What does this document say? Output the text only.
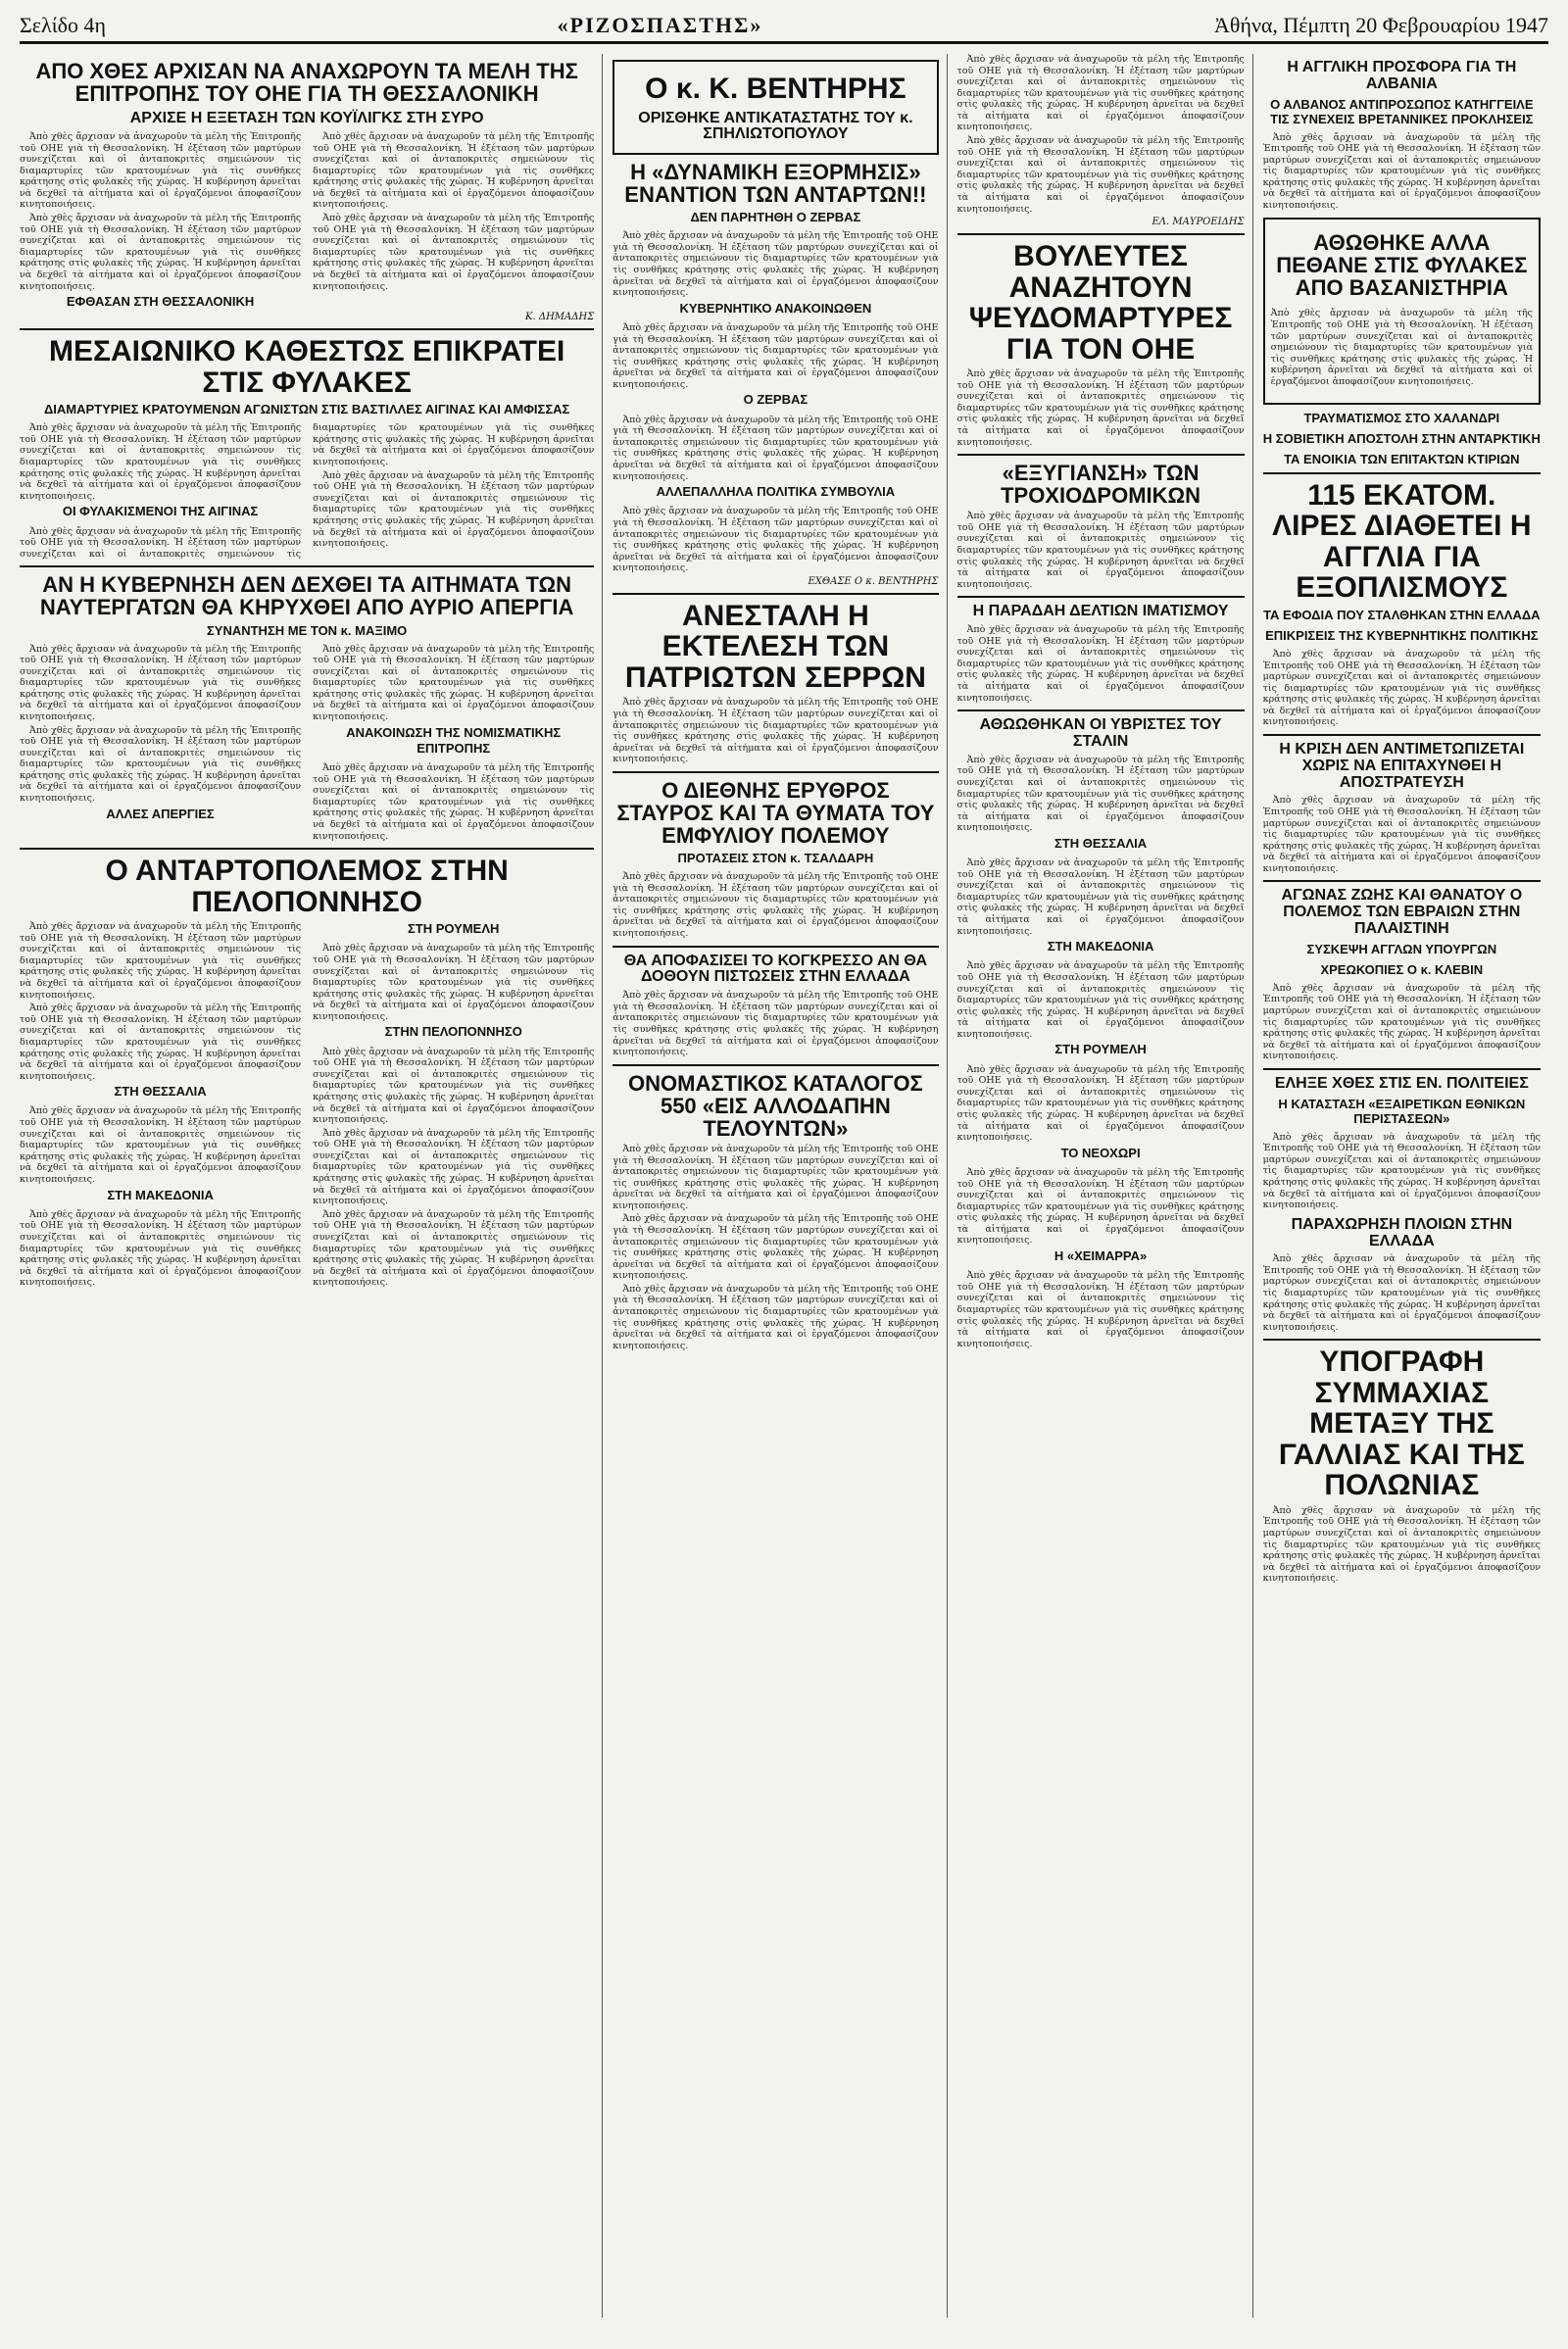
Σελίδο 4η	«ΡΙΖΟΣΠΑΣΤΗΣ»	Ἀθήνα, Πέμπτη 20 Φεβρουαρίου 1947
ΑΠΟ ΧΘΕΣ ΑΡΧΙΣΑΝ ΝΑ ΑΝΑΧΩΡΟΥΝ ΤΑ ΜΕΛΗ ΤΗΣ ΕΠΙΤΡΟΠΗΣ ΤΟΥ ΟΗΕ ΓΙΑ ΤΗ ΘΕΣΣΑΛΟΝΙΚΗ
ΑΡΧΙΣΕ Η ΕΞΕΤΑΣΗ ΤΩΝ ΚΟΥΪΛΙΓΚΣ ΣΤΗ ΣΥΡΟ

Ἀπὸ χθὲς ἄρχισαν νὰ ἀναχωροῦν τὰ μέλη τῆς Ἐπιτροπῆς τοῦ ΟΗΕ γιὰ τὴ Θεσσαλονίκη. Ἡ ἐξέταση τῶν μαρτύρων συνεχίζεται καὶ οἱ ἀνταποκριτὲς σημειώνουν τὶς διαμαρτυρίες τῶν κρατουμένων γιὰ τὶς συνθῆκες κράτησης στὶς φυλακὲς τῆς χώρας. Ἡ κυβέρνηση ἀρνεῖται νὰ δεχθεῖ τὰ αἰτήματα καὶ οἱ ἐργαζόμενοι ἀποφασίζουν κινητοποιήσεις.

Ἀπὸ χθὲς ἄρχισαν νὰ ἀναχωροῦν τὰ μέλη τῆς Ἐπιτροπῆς τοῦ ΟΗΕ γιὰ τὴ Θεσσαλονίκη. Ἡ ἐξέταση τῶν μαρτύρων συνεχίζεται καὶ οἱ ἀνταποκριτὲς σημειώνουν τὶς διαμαρτυρίες τῶν κρατουμένων γιὰ τὶς συνθῆκες κράτησης στὶς φυλακὲς τῆς χώρας. Ἡ κυβέρνηση ἀρνεῖται νὰ δεχθεῖ τὰ αἰτήματα καὶ οἱ ἐργαζόμενοι ἀποφασίζουν κινητοποιήσεις.

ΕΦΘΑΣΑΝ ΣΤΗ ΘΕΣΣΑΛΟΝΙΚΗ

Ἀπὸ χθὲς ἄρχισαν νὰ ἀναχωροῦν τὰ μέλη τῆς Ἐπιτροπῆς τοῦ ΟΗΕ γιὰ τὴ Θεσσαλονίκη. Ἡ ἐξέταση τῶν μαρτύρων συνεχίζεται καὶ οἱ ἀνταποκριτὲς σημειώνουν τὶς διαμαρτυρίες τῶν κρατουμένων γιὰ τὶς συνθῆκες κράτησης στὶς φυλακὲς τῆς χώρας. Ἡ κυβέρνηση ἀρνεῖται νὰ δεχθεῖ τὰ αἰτήματα καὶ οἱ ἐργαζόμενοι ἀποφασίζουν κινητοποιήσεις.

Ἀπὸ χθὲς ἄρχισαν νὰ ἀναχωροῦν τὰ μέλη τῆς Ἐπιτροπῆς τοῦ ΟΗΕ γιὰ τὴ Θεσσαλονίκη. Ἡ ἐξέταση τῶν μαρτύρων συνεχίζεται καὶ οἱ ἀνταποκριτὲς σημειώνουν τὶς διαμαρτυρίες τῶν κρατουμένων γιὰ τὶς συνθῆκες κράτησης στὶς φυλακὲς τῆς χώρας. Ἡ κυβέρνηση ἀρνεῖται νὰ δεχθεῖ τὰ αἰτήματα καὶ οἱ ἐργαζόμενοι ἀποφασίζουν κινητοποιήσεις.

Κ. ΔΗΜΑΔΗΣ
ΜΕΣΑΙΩΝΙΚΟ ΚΑΘΕΣΤΩΣ ΕΠΙΚΡΑΤΕΙ ΣΤΙΣ ΦΥΛΑΚΕΣ
ΔΙΑΜΑΡΤΥΡΙΕΣ ΚΡΑΤΟΥΜΕΝΩΝ ΑΓΩΝΙΣΤΩΝ ΣΤΙΣ ΒΑΣΤΙΛΛΕΣ ΑΙΓΙΝΑΣ ΚΑΙ ΑΜΦΙΣΣΑΣ

Ἀπὸ χθὲς ἄρχισαν νὰ ἀναχωροῦν τὰ μέλη τῆς Ἐπιτροπῆς τοῦ ΟΗΕ γιὰ τὴ Θεσσαλονίκη. Ἡ ἐξέταση τῶν μαρτύρων συνεχίζεται καὶ οἱ ἀνταποκριτὲς σημειώνουν τὶς διαμαρτυρίες τῶν κρατουμένων γιὰ τὶς συνθῆκες κράτησης στὶς φυλακὲς τῆς χώρας. Ἡ κυβέρνηση ἀρνεῖται νὰ δεχθεῖ τὰ αἰτήματα καὶ οἱ ἐργαζόμενοι ἀποφασίζουν κινητοποιήσεις.

ΟΙ ΦΥΛΑΚΙΣΜΕΝΟΙ ΤΗΣ ΑΙΓΙΝΑΣ

Ἀπὸ χθὲς ἄρχισαν νὰ ἀναχωροῦν τὰ μέλη τῆς Ἐπιτροπῆς τοῦ ΟΗΕ γιὰ τὴ Θεσσαλονίκη. Ἡ ἐξέταση τῶν μαρτύρων συνεχίζεται καὶ οἱ ἀνταποκριτὲς σημειώνουν τὶς διαμαρτυρίες τῶν κρατουμένων γιὰ τὶς συνθῆκες κράτησης στὶς φυλακὲς τῆς χώρας. Ἡ κυβέρνηση ἀρνεῖται νὰ δεχθεῖ τὰ αἰτήματα καὶ οἱ ἐργαζόμενοι ἀποφασίζουν κινητοποιήσεις.

Ἀπὸ χθὲς ἄρχισαν νὰ ἀναχωροῦν τὰ μέλη τῆς Ἐπιτροπῆς τοῦ ΟΗΕ γιὰ τὴ Θεσσαλονίκη. Ἡ ἐξέταση τῶν μαρτύρων συνεχίζεται καὶ οἱ ἀνταποκριτὲς σημειώνουν τὶς διαμαρτυρίες τῶν κρατουμένων γιὰ τὶς συνθῆκες κράτησης στὶς φυλακὲς τῆς χώρας. Ἡ κυβέρνηση ἀρνεῖται νὰ δεχθεῖ τὰ αἰτήματα καὶ οἱ ἐργαζόμενοι ἀποφασίζουν κινητοποιήσεις.

ΑΝ Η ΚΥΒΕΡΝΗΣΗ ΔΕΝ ΔΕΧΘΕΙ ΤΑ ΑΙΤΗΜΑΤΑ ΤΩΝ ΝΑΥΤΕΡΓΑΤΩΝ ΘΑ ΚΗΡΥΧΘΕΙ ΑΠΟ ΑΥΡΙΟ ΑΠΕΡΓΙΑ
ΣΥΝΑΝΤΗΣΗ ΜΕ ΤΟΝ κ. ΜΑΞΙΜΟ

Ἀπὸ χθὲς ἄρχισαν νὰ ἀναχωροῦν τὰ μέλη τῆς Ἐπιτροπῆς τοῦ ΟΗΕ γιὰ τὴ Θεσσαλονίκη. Ἡ ἐξέταση τῶν μαρτύρων συνεχίζεται καὶ οἱ ἀνταποκριτὲς σημειώνουν τὶς διαμαρτυρίες τῶν κρατουμένων γιὰ τὶς συνθῆκες κράτησης στὶς φυλακὲς τῆς χώρας. Ἡ κυβέρνηση ἀρνεῖται νὰ δεχθεῖ τὰ αἰτήματα καὶ οἱ ἐργαζόμενοι ἀποφασίζουν κινητοποιήσεις.

Ἀπὸ χθὲς ἄρχισαν νὰ ἀναχωροῦν τὰ μέλη τῆς Ἐπιτροπῆς τοῦ ΟΗΕ γιὰ τὴ Θεσσαλονίκη. Ἡ ἐξέταση τῶν μαρτύρων συνεχίζεται καὶ οἱ ἀνταποκριτὲς σημειώνουν τὶς διαμαρτυρίες τῶν κρατουμένων γιὰ τὶς συνθῆκες κράτησης στὶς φυλακὲς τῆς χώρας. Ἡ κυβέρνηση ἀρνεῖται νὰ δεχθεῖ τὰ αἰτήματα καὶ οἱ ἐργαζόμενοι ἀποφασίζουν κινητοποιήσεις.

ΑΛΛΕΣ ΑΠΕΡΓΙΕΣ

Ἀπὸ χθὲς ἄρχισαν νὰ ἀναχωροῦν τὰ μέλη τῆς Ἐπιτροπῆς τοῦ ΟΗΕ γιὰ τὴ Θεσσαλονίκη. Ἡ ἐξέταση τῶν μαρτύρων συνεχίζεται καὶ οἱ ἀνταποκριτὲς σημειώνουν τὶς διαμαρτυρίες τῶν κρατουμένων γιὰ τὶς συνθῆκες κράτησης στὶς φυλακὲς τῆς χώρας. Ἡ κυβέρνηση ἀρνεῖται νὰ δεχθεῖ τὰ αἰτήματα καὶ οἱ ἐργαζόμενοι ἀποφασίζουν κινητοποιήσεις.

ΑΝΑΚΟΙΝΩΣΗ ΤΗΣ ΝΟΜΙΣΜΑΤΙΚΗΣ ΕΠΙΤΡΟΠΗΣ

Ἀπὸ χθὲς ἄρχισαν νὰ ἀναχωροῦν τὰ μέλη τῆς Ἐπιτροπῆς τοῦ ΟΗΕ γιὰ τὴ Θεσσαλονίκη. Ἡ ἐξέταση τῶν μαρτύρων συνεχίζεται καὶ οἱ ἀνταποκριτὲς σημειώνουν τὶς διαμαρτυρίες τῶν κρατουμένων γιὰ τὶς συνθῆκες κράτησης στὶς φυλακὲς τῆς χώρας. Ἡ κυβέρνηση ἀρνεῖται νὰ δεχθεῖ τὰ αἰτήματα καὶ οἱ ἐργαζόμενοι ἀποφασίζουν κινητοποιήσεις.

Ο ΑΝΤΑΡΤΟΠΟΛΕΜΟΣ ΣΤΗΝ ΠΕΛΟΠΟΝΝΗΣΟ

Ἀπὸ χθὲς ἄρχισαν νὰ ἀναχωροῦν τὰ μέλη τῆς Ἐπιτροπῆς τοῦ ΟΗΕ γιὰ τὴ Θεσσαλονίκη. Ἡ ἐξέταση τῶν μαρτύρων συνεχίζεται καὶ οἱ ἀνταποκριτὲς σημειώνουν τὶς διαμαρτυρίες τῶν κρατουμένων γιὰ τὶς συνθῆκες κράτησης στὶς φυλακὲς τῆς χώρας. Ἡ κυβέρνηση ἀρνεῖται νὰ δεχθεῖ τὰ αἰτήματα καὶ οἱ ἐργαζόμενοι ἀποφασίζουν κινητοποιήσεις.

Ἀπὸ χθὲς ἄρχισαν νὰ ἀναχωροῦν τὰ μέλη τῆς Ἐπιτροπῆς τοῦ ΟΗΕ γιὰ τὴ Θεσσαλονίκη. Ἡ ἐξέταση τῶν μαρτύρων συνεχίζεται καὶ οἱ ἀνταποκριτὲς σημειώνουν τὶς διαμαρτυρίες τῶν κρατουμένων γιὰ τὶς συνθῆκες κράτησης στὶς φυλακὲς τῆς χώρας. Ἡ κυβέρνηση ἀρνεῖται νὰ δεχθεῖ τὰ αἰτήματα καὶ οἱ ἐργαζόμενοι ἀποφασίζουν κινητοποιήσεις.

ΣΤΗ ΘΕΣΣΑΛΙΑ

Ἀπὸ χθὲς ἄρχισαν νὰ ἀναχωροῦν τὰ μέλη τῆς Ἐπιτροπῆς τοῦ ΟΗΕ γιὰ τὴ Θεσσαλονίκη. Ἡ ἐξέταση τῶν μαρτύρων συνεχίζεται καὶ οἱ ἀνταποκριτὲς σημειώνουν τὶς διαμαρτυρίες τῶν κρατουμένων γιὰ τὶς συνθῆκες κράτησης στὶς φυλακὲς τῆς χώρας. Ἡ κυβέρνηση ἀρνεῖται νὰ δεχθεῖ τὰ αἰτήματα καὶ οἱ ἐργαζόμενοι ἀποφασίζουν κινητοποιήσεις.

ΣΤΗ ΜΑΚΕΔΟΝΙΑ

Ἀπὸ χθὲς ἄρχισαν νὰ ἀναχωροῦν τὰ μέλη τῆς Ἐπιτροπῆς τοῦ ΟΗΕ γιὰ τὴ Θεσσαλονίκη. Ἡ ἐξέταση τῶν μαρτύρων συνεχίζεται καὶ οἱ ἀνταποκριτὲς σημειώνουν τὶς διαμαρτυρίες τῶν κρατουμένων γιὰ τὶς συνθῆκες κράτησης στὶς φυλακὲς τῆς χώρας. Ἡ κυβέρνηση ἀρνεῖται νὰ δεχθεῖ τὰ αἰτήματα καὶ οἱ ἐργαζόμενοι ἀποφασίζουν κινητοποιήσεις.

ΣΤΗ ΡΟΥΜΕΛΗ

Ἀπὸ χθὲς ἄρχισαν νὰ ἀναχωροῦν τὰ μέλη τῆς Ἐπιτροπῆς τοῦ ΟΗΕ γιὰ τὴ Θεσσαλονίκη. Ἡ ἐξέταση τῶν μαρτύρων συνεχίζεται καὶ οἱ ἀνταποκριτὲς σημειώνουν τὶς διαμαρτυρίες τῶν κρατουμένων γιὰ τὶς συνθῆκες κράτησης στὶς φυλακὲς τῆς χώρας. Ἡ κυβέρνηση ἀρνεῖται νὰ δεχθεῖ τὰ αἰτήματα καὶ οἱ ἐργαζόμενοι ἀποφασίζουν κινητοποιήσεις.

ΣΤΗΝ ΠΕΛΟΠΟΝΝΗΣΟ

Ἀπὸ χθὲς ἄρχισαν νὰ ἀναχωροῦν τὰ μέλη τῆς Ἐπιτροπῆς τοῦ ΟΗΕ γιὰ τὴ Θεσσαλονίκη. Ἡ ἐξέταση τῶν μαρτύρων συνεχίζεται καὶ οἱ ἀνταποκριτὲς σημειώνουν τὶς διαμαρτυρίες τῶν κρατουμένων γιὰ τὶς συνθῆκες κράτησης στὶς φυλακὲς τῆς χώρας. Ἡ κυβέρνηση ἀρνεῖται νὰ δεχθεῖ τὰ αἰτήματα καὶ οἱ ἐργαζόμενοι ἀποφασίζουν κινητοποιήσεις.

Ἀπὸ χθὲς ἄρχισαν νὰ ἀναχωροῦν τὰ μέλη τῆς Ἐπιτροπῆς τοῦ ΟΗΕ γιὰ τὴ Θεσσαλονίκη. Ἡ ἐξέταση τῶν μαρτύρων συνεχίζεται καὶ οἱ ἀνταποκριτὲς σημειώνουν τὶς διαμαρτυρίες τῶν κρατουμένων γιὰ τὶς συνθῆκες κράτησης στὶς φυλακὲς τῆς χώρας. Ἡ κυβέρνηση ἀρνεῖται νὰ δεχθεῖ τὰ αἰτήματα καὶ οἱ ἐργαζόμενοι ἀποφασίζουν κινητοποιήσεις.

Ἀπὸ χθὲς ἄρχισαν νὰ ἀναχωροῦν τὰ μέλη τῆς Ἐπιτροπῆς τοῦ ΟΗΕ γιὰ τὴ Θεσσαλονίκη. Ἡ ἐξέταση τῶν μαρτύρων συνεχίζεται καὶ οἱ ἀνταποκριτὲς σημειώνουν τὶς διαμαρτυρίες τῶν κρατουμένων γιὰ τὶς συνθῆκες κράτησης στὶς φυλακὲς τῆς χώρας. Ἡ κυβέρνηση ἀρνεῖται νὰ δεχθεῖ τὰ αἰτήματα καὶ οἱ ἐργαζόμενοι ἀποφασίζουν κινητοποιήσεις.

Ο κ. Κ. ΒΕΝΤΗΡΗΣ
ΟΡΙΣΘΗΚΕ ΑΝΤΙΚΑΤΑΣΤΑΤΗΣ ΤΟΥ κ. ΣΠΗΛΙΩΤΟΠΟΥΛΟΥ
Η «ΔΥΝΑΜΙΚΗ ΕΞΟΡΜΗΣΙΣ» ΕΝΑΝΤΙΟΝ ΤΩΝ ΑΝΤΑΡΤΩΝ!!
ΔΕΝ ΠΑΡΗΤΗΘΗ Ο ΖΕΡΒΑΣ

Ἀπὸ χθὲς ἄρχισαν νὰ ἀναχωροῦν τὰ μέλη τῆς Ἐπιτροπῆς τοῦ ΟΗΕ γιὰ τὴ Θεσσαλονίκη. Ἡ ἐξέταση τῶν μαρτύρων συνεχίζεται καὶ οἱ ἀνταποκριτὲς σημειώνουν τὶς διαμαρτυρίες τῶν κρατουμένων γιὰ τὶς συνθῆκες κράτησης στὶς φυλακὲς τῆς χώρας. Ἡ κυβέρνηση ἀρνεῖται νὰ δεχθεῖ τὰ αἰτήματα καὶ οἱ ἐργαζόμενοι ἀποφασίζουν κινητοποιήσεις.

ΚΥΒΕΡΝΗΤΙΚΟ ΑΝΑΚΟΙΝΩΘΕΝ

Ἀπὸ χθὲς ἄρχισαν νὰ ἀναχωροῦν τὰ μέλη τῆς Ἐπιτροπῆς τοῦ ΟΗΕ γιὰ τὴ Θεσσαλονίκη. Ἡ ἐξέταση τῶν μαρτύρων συνεχίζεται καὶ οἱ ἀνταποκριτὲς σημειώνουν τὶς διαμαρτυρίες τῶν κρατουμένων γιὰ τὶς συνθῆκες κράτησης στὶς φυλακὲς τῆς χώρας. Ἡ κυβέρνηση ἀρνεῖται νὰ δεχθεῖ τὰ αἰτήματα καὶ οἱ ἐργαζόμενοι ἀποφασίζουν κινητοποιήσεις.

Ο ΖΕΡΒΑΣ

Ἀπὸ χθὲς ἄρχισαν νὰ ἀναχωροῦν τὰ μέλη τῆς Ἐπιτροπῆς τοῦ ΟΗΕ γιὰ τὴ Θεσσαλονίκη. Ἡ ἐξέταση τῶν μαρτύρων συνεχίζεται καὶ οἱ ἀνταποκριτὲς σημειώνουν τὶς διαμαρτυρίες τῶν κρατουμένων γιὰ τὶς συνθῆκες κράτησης στὶς φυλακὲς τῆς χώρας. Ἡ κυβέρνηση ἀρνεῖται νὰ δεχθεῖ τὰ αἰτήματα καὶ οἱ ἐργαζόμενοι ἀποφασίζουν κινητοποιήσεις.

ΑΛΛΕΠΑΛΛΗΛΑ ΠΟΛΙΤΙΚΑ ΣΥΜΒΟΥΛΙΑ

Ἀπὸ χθὲς ἄρχισαν νὰ ἀναχωροῦν τὰ μέλη τῆς Ἐπιτροπῆς τοῦ ΟΗΕ γιὰ τὴ Θεσσαλονίκη. Ἡ ἐξέταση τῶν μαρτύρων συνεχίζεται καὶ οἱ ἀνταποκριτὲς σημειώνουν τὶς διαμαρτυρίες τῶν κρατουμένων γιὰ τὶς συνθῆκες κράτησης στὶς φυλακὲς τῆς χώρας. Ἡ κυβέρνηση ἀρνεῖται νὰ δεχθεῖ τὰ αἰτήματα καὶ οἱ ἐργαζόμενοι ἀποφασίζουν κινητοποιήσεις.

ΕΧΘΑΣΕ Ο κ. ΒΕΝΤΗΡΗΣ
ΑΝΕΣΤΑΛΗ Η ΕΚΤΕΛΕΣΗ ΤΩΝ ΠΑΤΡΙΩΤΩΝ ΣΕΡΡΩΝ

Ἀπὸ χθὲς ἄρχισαν νὰ ἀναχωροῦν τὰ μέλη τῆς Ἐπιτροπῆς τοῦ ΟΗΕ γιὰ τὴ Θεσσαλονίκη. Ἡ ἐξέταση τῶν μαρτύρων συνεχίζεται καὶ οἱ ἀνταποκριτὲς σημειώνουν τὶς διαμαρτυρίες τῶν κρατουμένων γιὰ τὶς συνθῆκες κράτησης στὶς φυλακὲς τῆς χώρας. Ἡ κυβέρνηση ἀρνεῖται νὰ δεχθεῖ τὰ αἰτήματα καὶ οἱ ἐργαζόμενοι ἀποφασίζουν κινητοποιήσεις.

Ο ΔΙΕΘΝΗΣ ΕΡΥΘΡΟΣ ΣΤΑΥΡΟΣ ΚΑΙ ΤΑ ΘΥΜΑΤΑ ΤΟΥ ΕΜΦΥΛΙΟΥ ΠΟΛΕΜΟΥ
ΠΡΟΤΑΣΕΙΣ ΣΤΟΝ κ. ΤΣΑΛΔΑΡΗ

Ἀπὸ χθὲς ἄρχισαν νὰ ἀναχωροῦν τὰ μέλη τῆς Ἐπιτροπῆς τοῦ ΟΗΕ γιὰ τὴ Θεσσαλονίκη. Ἡ ἐξέταση τῶν μαρτύρων συνεχίζεται καὶ οἱ ἀνταποκριτὲς σημειώνουν τὶς διαμαρτυρίες τῶν κρατουμένων γιὰ τὶς συνθῆκες κράτησης στὶς φυλακὲς τῆς χώρας. Ἡ κυβέρνηση ἀρνεῖται νὰ δεχθεῖ τὰ αἰτήματα καὶ οἱ ἐργαζόμενοι ἀποφασίζουν κινητοποιήσεις.

ΘΑ ΑΠΟΦΑΣΙΣΕΙ ΤΟ ΚΟΓΚΡΕΣΣΟ ΑΝ ΘΑ ΔΟΘΟΥΝ ΠΙΣΤΩΣΕΙΣ ΣΤΗΝ ΕΛΛΑΔΑ

Ἀπὸ χθὲς ἄρχισαν νὰ ἀναχωροῦν τὰ μέλη τῆς Ἐπιτροπῆς τοῦ ΟΗΕ γιὰ τὴ Θεσσαλονίκη. Ἡ ἐξέταση τῶν μαρτύρων συνεχίζεται καὶ οἱ ἀνταποκριτὲς σημειώνουν τὶς διαμαρτυρίες τῶν κρατουμένων γιὰ τὶς συνθῆκες κράτησης στὶς φυλακὲς τῆς χώρας. Ἡ κυβέρνηση ἀρνεῖται νὰ δεχθεῖ τὰ αἰτήματα καὶ οἱ ἐργαζόμενοι ἀποφασίζουν κινητοποιήσεις.

ΟΝΟΜΑΣΤΙΚΟΣ ΚΑΤΑΛΟΓΟΣ 550 «ΕΙΣ ΑΛΛΟΔΑΠΗΝ ΤΕΛΟΥΝΤΩΝ»

Ἀπὸ χθὲς ἄρχισαν νὰ ἀναχωροῦν τὰ μέλη τῆς Ἐπιτροπῆς τοῦ ΟΗΕ γιὰ τὴ Θεσσαλονίκη. Ἡ ἐξέταση τῶν μαρτύρων συνεχίζεται καὶ οἱ ἀνταποκριτὲς σημειώνουν τὶς διαμαρτυρίες τῶν κρατουμένων γιὰ τὶς συνθῆκες κράτησης στὶς φυλακὲς τῆς χώρας. Ἡ κυβέρνηση ἀρνεῖται νὰ δεχθεῖ τὰ αἰτήματα καὶ οἱ ἐργαζόμενοι ἀποφασίζουν κινητοποιήσεις.

Ἀπὸ χθὲς ἄρχισαν νὰ ἀναχωροῦν τὰ μέλη τῆς Ἐπιτροπῆς τοῦ ΟΗΕ γιὰ τὴ Θεσσαλονίκη. Ἡ ἐξέταση τῶν μαρτύρων συνεχίζεται καὶ οἱ ἀνταποκριτὲς σημειώνουν τὶς διαμαρτυρίες τῶν κρατουμένων γιὰ τὶς συνθῆκες κράτησης στὶς φυλακὲς τῆς χώρας. Ἡ κυβέρνηση ἀρνεῖται νὰ δεχθεῖ τὰ αἰτήματα καὶ οἱ ἐργαζόμενοι ἀποφασίζουν κινητοποιήσεις.

Ἀπὸ χθὲς ἄρχισαν νὰ ἀναχωροῦν τὰ μέλη τῆς Ἐπιτροπῆς τοῦ ΟΗΕ γιὰ τὴ Θεσσαλονίκη. Ἡ ἐξέταση τῶν μαρτύρων συνεχίζεται καὶ οἱ ἀνταποκριτὲς σημειώνουν τὶς διαμαρτυρίες τῶν κρατουμένων γιὰ τὶς συνθῆκες κράτησης στὶς φυλακὲς τῆς χώρας. Ἡ κυβέρνηση ἀρνεῖται νὰ δεχθεῖ τὰ αἰτήματα καὶ οἱ ἐργαζόμενοι ἀποφασίζουν κινητοποιήσεις.

Ἀπὸ χθὲς ἄρχισαν νὰ ἀναχωροῦν τὰ μέλη τῆς Ἐπιτροπῆς τοῦ ΟΗΕ γιὰ τὴ Θεσσαλονίκη. Ἡ ἐξέταση τῶν μαρτύρων συνεχίζεται καὶ οἱ ἀνταποκριτὲς σημειώνουν τὶς διαμαρτυρίες τῶν κρατουμένων γιὰ τὶς συνθῆκες κράτησης στὶς φυλακὲς τῆς χώρας. Ἡ κυβέρνηση ἀρνεῖται νὰ δεχθεῖ τὰ αἰτήματα καὶ οἱ ἐργαζόμενοι ἀποφασίζουν κινητοποιήσεις.

Ἀπὸ χθὲς ἄρχισαν νὰ ἀναχωροῦν τὰ μέλη τῆς Ἐπιτροπῆς τοῦ ΟΗΕ γιὰ τὴ Θεσσαλονίκη. Ἡ ἐξέταση τῶν μαρτύρων συνεχίζεται καὶ οἱ ἀνταποκριτὲς σημειώνουν τὶς διαμαρτυρίες τῶν κρατουμένων γιὰ τὶς συνθῆκες κράτησης στὶς φυλακὲς τῆς χώρας. Ἡ κυβέρνηση ἀρνεῖται νὰ δεχθεῖ τὰ αἰτήματα καὶ οἱ ἐργαζόμενοι ἀποφασίζουν κινητοποιήσεις.

ΕΛ. ΜΑΥΡΟΕΙΔΗΣ
ΒΟΥΛΕΥΤΕΣ ΑΝΑΖΗΤΟΥΝ ΨΕΥΔΟΜΑΡΤΥΡΕΣ ΓΙΑ ΤΟΝ ΟΗΕ

Ἀπὸ χθὲς ἄρχισαν νὰ ἀναχωροῦν τὰ μέλη τῆς Ἐπιτροπῆς τοῦ ΟΗΕ γιὰ τὴ Θεσσαλονίκη. Ἡ ἐξέταση τῶν μαρτύρων συνεχίζεται καὶ οἱ ἀνταποκριτὲς σημειώνουν τὶς διαμαρτυρίες τῶν κρατουμένων γιὰ τὶς συνθῆκες κράτησης στὶς φυλακὲς τῆς χώρας. Ἡ κυβέρνηση ἀρνεῖται νὰ δεχθεῖ τὰ αἰτήματα καὶ οἱ ἐργαζόμενοι ἀποφασίζουν κινητοποιήσεις.

«ΕΞΥΓΙΑΝΣΗ» ΤΩΝ ΤΡΟΧΙΟΔΡΟΜΙΚΩΝ

Ἀπὸ χθὲς ἄρχισαν νὰ ἀναχωροῦν τὰ μέλη τῆς Ἐπιτροπῆς τοῦ ΟΗΕ γιὰ τὴ Θεσσαλονίκη. Ἡ ἐξέταση τῶν μαρτύρων συνεχίζεται καὶ οἱ ἀνταποκριτὲς σημειώνουν τὶς διαμαρτυρίες τῶν κρατουμένων γιὰ τὶς συνθῆκες κράτησης στὶς φυλακὲς τῆς χώρας. Ἡ κυβέρνηση ἀρνεῖται νὰ δεχθεῖ τὰ αἰτήματα καὶ οἱ ἐργαζόμενοι ἀποφασίζουν κινητοποιήσεις.

Η ΠΑΡΑΔΑΗ ΔΕΛΤΙΩΝ ΙΜΑΤΙΣΜΟΥ

Ἀπὸ χθὲς ἄρχισαν νὰ ἀναχωροῦν τὰ μέλη τῆς Ἐπιτροπῆς τοῦ ΟΗΕ γιὰ τὴ Θεσσαλονίκη. Ἡ ἐξέταση τῶν μαρτύρων συνεχίζεται καὶ οἱ ἀνταποκριτὲς σημειώνουν τὶς διαμαρτυρίες τῶν κρατουμένων γιὰ τὶς συνθῆκες κράτησης στὶς φυλακὲς τῆς χώρας. Ἡ κυβέρνηση ἀρνεῖται νὰ δεχθεῖ τὰ αἰτήματα καὶ οἱ ἐργαζόμενοι ἀποφασίζουν κινητοποιήσεις.

ΑΘΩΩΘΗΚΑΝ ΟΙ ΥΒΡΙΣΤΕΣ ΤΟΥ ΣΤΑΛΙΝ

Ἀπὸ χθὲς ἄρχισαν νὰ ἀναχωροῦν τὰ μέλη τῆς Ἐπιτροπῆς τοῦ ΟΗΕ γιὰ τὴ Θεσσαλονίκη. Ἡ ἐξέταση τῶν μαρτύρων συνεχίζεται καὶ οἱ ἀνταποκριτὲς σημειώνουν τὶς διαμαρτυρίες τῶν κρατουμένων γιὰ τὶς συνθῆκες κράτησης στὶς φυλακὲς τῆς χώρας. Ἡ κυβέρνηση ἀρνεῖται νὰ δεχθεῖ τὰ αἰτήματα καὶ οἱ ἐργαζόμενοι ἀποφασίζουν κινητοποιήσεις.

ΣΤΗ ΘΕΣΣΑΛΙΑ

Ἀπὸ χθὲς ἄρχισαν νὰ ἀναχωροῦν τὰ μέλη τῆς Ἐπιτροπῆς τοῦ ΟΗΕ γιὰ τὴ Θεσσαλονίκη. Ἡ ἐξέταση τῶν μαρτύρων συνεχίζεται καὶ οἱ ἀνταποκριτὲς σημειώνουν τὶς διαμαρτυρίες τῶν κρατουμένων γιὰ τὶς συνθῆκες κράτησης στὶς φυλακὲς τῆς χώρας. Ἡ κυβέρνηση ἀρνεῖται νὰ δεχθεῖ τὰ αἰτήματα καὶ οἱ ἐργαζόμενοι ἀποφασίζουν κινητοποιήσεις.

ΣΤΗ ΜΑΚΕΔΟΝΙΑ

Ἀπὸ χθὲς ἄρχισαν νὰ ἀναχωροῦν τὰ μέλη τῆς Ἐπιτροπῆς τοῦ ΟΗΕ γιὰ τὴ Θεσσαλονίκη. Ἡ ἐξέταση τῶν μαρτύρων συνεχίζεται καὶ οἱ ἀνταποκριτὲς σημειώνουν τὶς διαμαρτυρίες τῶν κρατουμένων γιὰ τὶς συνθῆκες κράτησης στὶς φυλακὲς τῆς χώρας. Ἡ κυβέρνηση ἀρνεῖται νὰ δεχθεῖ τὰ αἰτήματα καὶ οἱ ἐργαζόμενοι ἀποφασίζουν κινητοποιήσεις.

ΣΤΗ ΡΟΥΜΕΛΗ

Ἀπὸ χθὲς ἄρχισαν νὰ ἀναχωροῦν τὰ μέλη τῆς Ἐπιτροπῆς τοῦ ΟΗΕ γιὰ τὴ Θεσσαλονίκη. Ἡ ἐξέταση τῶν μαρτύρων συνεχίζεται καὶ οἱ ἀνταποκριτὲς σημειώνουν τὶς διαμαρτυρίες τῶν κρατουμένων γιὰ τὶς συνθῆκες κράτησης στὶς φυλακὲς τῆς χώρας. Ἡ κυβέρνηση ἀρνεῖται νὰ δεχθεῖ τὰ αἰτήματα καὶ οἱ ἐργαζόμενοι ἀποφασίζουν κινητοποιήσεις.

ΤΟ ΝΕΟΧΩΡΙ

Ἀπὸ χθὲς ἄρχισαν νὰ ἀναχωροῦν τὰ μέλη τῆς Ἐπιτροπῆς τοῦ ΟΗΕ γιὰ τὴ Θεσσαλονίκη. Ἡ ἐξέταση τῶν μαρτύρων συνεχίζεται καὶ οἱ ἀνταποκριτὲς σημειώνουν τὶς διαμαρτυρίες τῶν κρατουμένων γιὰ τὶς συνθῆκες κράτησης στὶς φυλακὲς τῆς χώρας. Ἡ κυβέρνηση ἀρνεῖται νὰ δεχθεῖ τὰ αἰτήματα καὶ οἱ ἐργαζόμενοι ἀποφασίζουν κινητοποιήσεις.

Η «ΧΕΙΜΑΡΡΑ»

Ἀπὸ χθὲς ἄρχισαν νὰ ἀναχωροῦν τὰ μέλη τῆς Ἐπιτροπῆς τοῦ ΟΗΕ γιὰ τὴ Θεσσαλονίκη. Ἡ ἐξέταση τῶν μαρτύρων συνεχίζεται καὶ οἱ ἀνταποκριτὲς σημειώνουν τὶς διαμαρτυρίες τῶν κρατουμένων γιὰ τὶς συνθῆκες κράτησης στὶς φυλακὲς τῆς χώρας. Ἡ κυβέρνηση ἀρνεῖται νὰ δεχθεῖ τὰ αἰτήματα καὶ οἱ ἐργαζόμενοι ἀποφασίζουν κινητοποιήσεις.

Η ΑΓΓΛΙΚΗ ΠΡΟΣΦΟΡΑ ΓΙΑ ΤΗ ΑΛΒΑΝΙΑ
Ο ΑΛΒΑΝΟΣ ΑΝΤΙΠΡΟΣΩΠΟΣ ΚΑΤΗΓΓΕΙΛΕ ΤΙΣ ΣΥΝΕΧΕΙΣ ΒΡΕΤΑΝΝΙΚΕΣ ΠΡΟΚΛΗΣΕΙΣ

Ἀπὸ χθὲς ἄρχισαν νὰ ἀναχωροῦν τὰ μέλη τῆς Ἐπιτροπῆς τοῦ ΟΗΕ γιὰ τὴ Θεσσαλονίκη. Ἡ ἐξέταση τῶν μαρτύρων συνεχίζεται καὶ οἱ ἀνταποκριτὲς σημειώνουν τὶς διαμαρτυρίες τῶν κρατουμένων γιὰ τὶς συνθῆκες κράτησης στὶς φυλακὲς τῆς χώρας. Ἡ κυβέρνηση ἀρνεῖται νὰ δεχθεῖ τὰ αἰτήματα καὶ οἱ ἐργαζόμενοι ἀποφασίζουν κινητοποιήσεις.

ΑΘΩΘΗΚΕ ΑΛΛΑ ΠΕΘΑΝΕ ΣΤΙΣ ΦΥΛΑΚΕΣ ΑΠΟ ΒΑΣΑΝΙΣΤΗΡΙΑ

Ἀπὸ χθὲς ἄρχισαν νὰ ἀναχωροῦν τὰ μέλη τῆς Ἐπιτροπῆς τοῦ ΟΗΕ γιὰ τὴ Θεσσαλονίκη. Ἡ ἐξέταση τῶν μαρτύρων συνεχίζεται καὶ οἱ ἀνταποκριτὲς σημειώνουν τὶς διαμαρτυρίες τῶν κρατουμένων γιὰ τὶς συνθῆκες κράτησης στὶς φυλακὲς τῆς χώρας. Ἡ κυβέρνηση ἀρνεῖται νὰ δεχθεῖ τὰ αἰτήματα καὶ οἱ ἐργαζόμενοι ἀποφασίζουν κινητοποιήσεις.

ΤΡΑΥΜΑΤΙΣΜΟΣ ΣΤΟ ΧΑΛΑΝΔΡΙ
Η ΣΟΒΙΕΤΙΚΗ ΑΠΟΣΤΟΛΗ ΣΤΗΝ ΑΝΤΑΡΚΤΙΚΗ
ΤΑ ΕΝΟΙΚΙΑ ΤΩΝ ΕΠΙΤΑΚΤΩΝ ΚΤΙΡΙΩΝ
115 ΕΚΑΤΟΜ. ΛΙΡΕΣ ΔΙΑΘΕΤΕΙ Η ΑΓΓΛΙΑ ΓΙΑ ΕΞΟΠΛΙΣΜΟΥΣ
ΤΑ ΕΦΟΔΙΑ ΠΟΥ ΣΤΑΛΘΗΚΑΝ ΣΤΗΝ ΕΛΛΑΔΑ
ΕΠΙΚΡΙΣΕΙΣ ΤΗΣ ΚΥΒΕΡΝΗΤΙΚΗΣ ΠΟΛΙΤΙΚΗΣ

Ἀπὸ χθὲς ἄρχισαν νὰ ἀναχωροῦν τὰ μέλη τῆς Ἐπιτροπῆς τοῦ ΟΗΕ γιὰ τὴ Θεσσαλονίκη. Ἡ ἐξέταση τῶν μαρτύρων συνεχίζεται καὶ οἱ ἀνταποκριτὲς σημειώνουν τὶς διαμαρτυρίες τῶν κρατουμένων γιὰ τὶς συνθῆκες κράτησης στὶς φυλακὲς τῆς χώρας. Ἡ κυβέρνηση ἀρνεῖται νὰ δεχθεῖ τὰ αἰτήματα καὶ οἱ ἐργαζόμενοι ἀποφασίζουν κινητοποιήσεις.

Η ΚΡΙΣΗ ΔΕΝ ΑΝΤΙΜΕΤΩΠΙΖΕΤΑΙ ΧΩΡΙΣ ΝΑ ΕΠΙΤΑΧΥΝΘΕΙ Η ΑΠΟΣΤΡΑΤΕΥΣΗ

Ἀπὸ χθὲς ἄρχισαν νὰ ἀναχωροῦν τὰ μέλη τῆς Ἐπιτροπῆς τοῦ ΟΗΕ γιὰ τὴ Θεσσαλονίκη. Ἡ ἐξέταση τῶν μαρτύρων συνεχίζεται καὶ οἱ ἀνταποκριτὲς σημειώνουν τὶς διαμαρτυρίες τῶν κρατουμένων γιὰ τὶς συνθῆκες κράτησης στὶς φυλακὲς τῆς χώρας. Ἡ κυβέρνηση ἀρνεῖται νὰ δεχθεῖ τὰ αἰτήματα καὶ οἱ ἐργαζόμενοι ἀποφασίζουν κινητοποιήσεις.

ΑΓΩΝΑΣ ΖΩΗΣ ΚΑΙ ΘΑΝΑΤΟΥ Ο ΠΟΛΕΜΟΣ ΤΩΝ ΕΒΡΑΙΩΝ ΣΤΗΝ ΠΑΛΑΙΣΤΙΝΗ
ΣΥΣΚΕΨΗ ΑΓΓΛΩΝ ΥΠΟΥΡΓΩΝ
ΧΡΕΩΚΟΠΙΕΣ Ο κ. ΚΛΕΒΙΝ

Ἀπὸ χθὲς ἄρχισαν νὰ ἀναχωροῦν τὰ μέλη τῆς Ἐπιτροπῆς τοῦ ΟΗΕ γιὰ τὴ Θεσσαλονίκη. Ἡ ἐξέταση τῶν μαρτύρων συνεχίζεται καὶ οἱ ἀνταποκριτὲς σημειώνουν τὶς διαμαρτυρίες τῶν κρατουμένων γιὰ τὶς συνθῆκες κράτησης στὶς φυλακὲς τῆς χώρας. Ἡ κυβέρνηση ἀρνεῖται νὰ δεχθεῖ τὰ αἰτήματα καὶ οἱ ἐργαζόμενοι ἀποφασίζουν κινητοποιήσεις.

ΕΛΗΞΕ ΧΘΕΣ ΣΤΙΣ ΕΝ. ΠΟΛΙΤΕΙΕΣ
Η ΚΑΤΑΣΤΑΣΗ «ΕΞΑΙΡΕΤΙΚΩΝ ΕΘΝΙΚΩΝ ΠΕΡΙΣΤΑΣΕΩΝ»

Ἀπὸ χθὲς ἄρχισαν νὰ ἀναχωροῦν τὰ μέλη τῆς Ἐπιτροπῆς τοῦ ΟΗΕ γιὰ τὴ Θεσσαλονίκη. Ἡ ἐξέταση τῶν μαρτύρων συνεχίζεται καὶ οἱ ἀνταποκριτὲς σημειώνουν τὶς διαμαρτυρίες τῶν κρατουμένων γιὰ τὶς συνθῆκες κράτησης στὶς φυλακὲς τῆς χώρας. Ἡ κυβέρνηση ἀρνεῖται νὰ δεχθεῖ τὰ αἰτήματα καὶ οἱ ἐργαζόμενοι ἀποφασίζουν κινητοποιήσεις.

ΠΑΡΑΧΩΡΗΣΗ ΠΛΟΙΩΝ ΣΤΗΝ ΕΛΛΑΔΑ

Ἀπὸ χθὲς ἄρχισαν νὰ ἀναχωροῦν τὰ μέλη τῆς Ἐπιτροπῆς τοῦ ΟΗΕ γιὰ τὴ Θεσσαλονίκη. Ἡ ἐξέταση τῶν μαρτύρων συνεχίζεται καὶ οἱ ἀνταποκριτὲς σημειώνουν τὶς διαμαρτυρίες τῶν κρατουμένων γιὰ τὶς συνθῆκες κράτησης στὶς φυλακὲς τῆς χώρας. Ἡ κυβέρνηση ἀρνεῖται νὰ δεχθεῖ τὰ αἰτήματα καὶ οἱ ἐργαζόμενοι ἀποφασίζουν κινητοποιήσεις.

ΥΠΟΓΡΑΦΗ ΣΥΜΜΑΧΙΑΣ ΜΕΤΑΞΥ ΤΗΣ ΓΑΛΛΙΑΣ ΚΑΙ ΤΗΣ ΠΟΛΩΝΙΑΣ

Ἀπὸ χθὲς ἄρχισαν νὰ ἀναχωροῦν τὰ μέλη τῆς Ἐπιτροπῆς τοῦ ΟΗΕ γιὰ τὴ Θεσσαλονίκη. Ἡ ἐξέταση τῶν μαρτύρων συνεχίζεται καὶ οἱ ἀνταποκριτὲς σημειώνουν τὶς διαμαρτυρίες τῶν κρατουμένων γιὰ τὶς συνθῆκες κράτησης στὶς φυλακὲς τῆς χώρας. Ἡ κυβέρνηση ἀρνεῖται νὰ δεχθεῖ τὰ αἰτήματα καὶ οἱ ἐργαζόμενοι ἀποφασίζουν κινητοποιήσεις.
